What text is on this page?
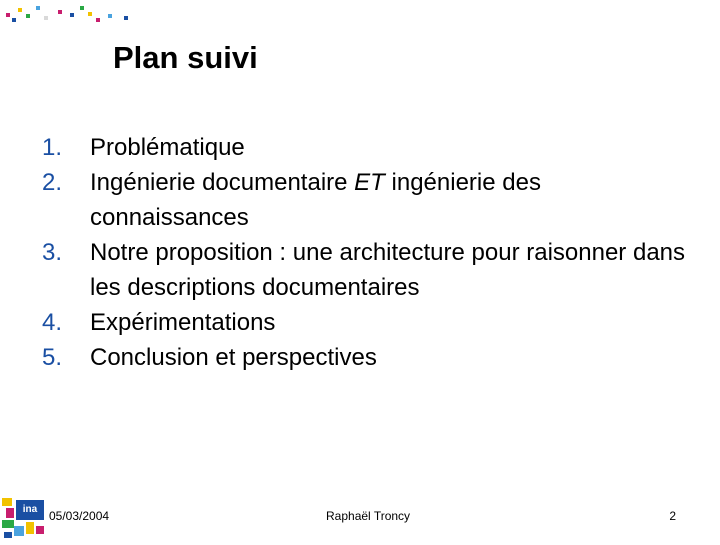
Plan suivi
1.	Problématique
2.	Ingénierie documentaire ET ingénierie des connaissances
3.	Notre proposition : une architecture pour raisonner dans les descriptions documentaires
4.	Expérimentations
5.	Conclusion et perspectives
ina 05/03/2004	Raphaël Troncy	2
